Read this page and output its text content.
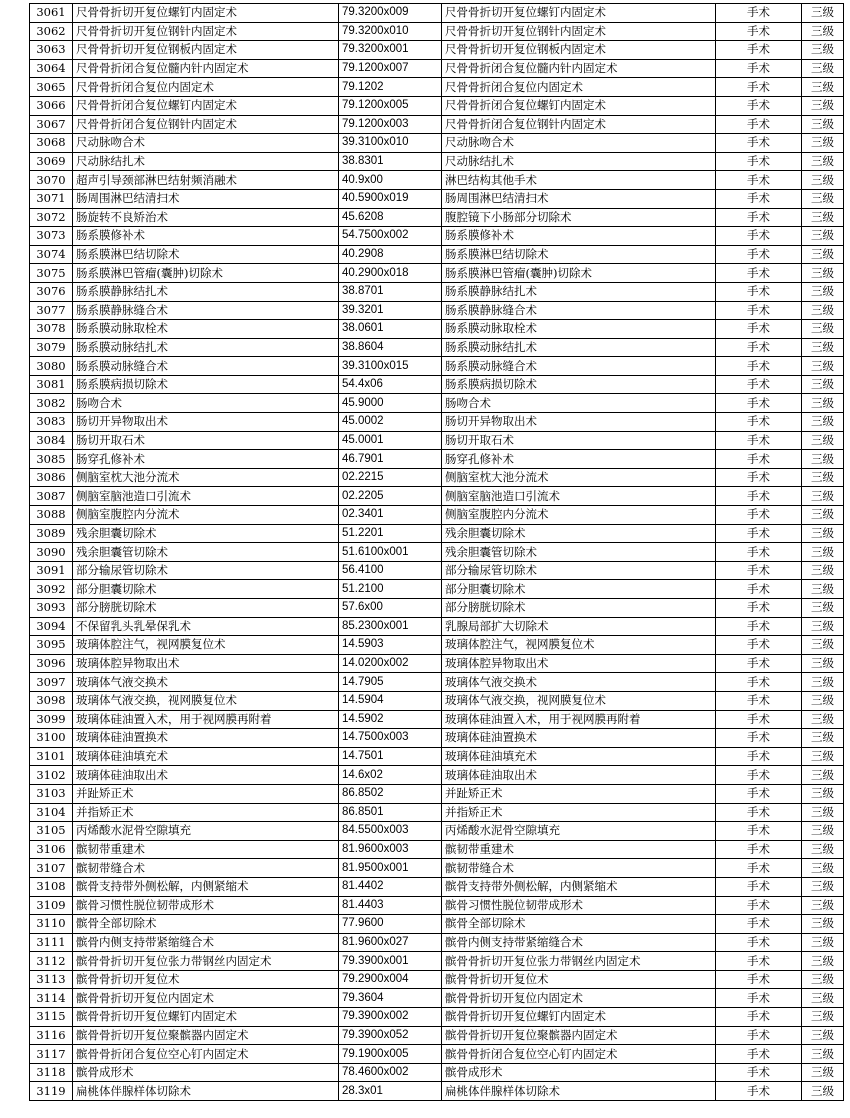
3061	尺骨骨折切开复位螺钉内固定术	79.3200x009	尺骨骨折切开复位螺钉内固定术	手术	三级
3062	尺骨骨折切开复位钢针内固定术	79.3200x010	尺骨骨折切开复位钢针内固定术	手术	三级
3063	尺骨骨折切开复位钢板内固定术	79.3200x001	尺骨骨折切开复位钢板内固定术	手术	三级
3064	尺骨骨折闭合复位髓内针内固定术	79.1200x007	尺骨骨折闭合复位髓内针内固定术	手术	三级
3065	尺骨骨折闭合复位内固定术	79.1202	尺骨骨折闭合复位内固定术	手术	三级
3066	尺骨骨折闭合复位螺钉内固定术	79.1200x005	尺骨骨折闭合复位螺钉内固定术	手术	三级
3067	尺骨骨折闭合复位钢针内固定术	79.1200x003	尺骨骨折闭合复位钢针内固定术	手术	三级
3068	尺动脉吻合术	39.3100x010	尺动脉吻合术	手术	三级
3069	尺动脉结扎术	38.8301	尺动脉结扎术	手术	三级
3070	超声引导颈部淋巴结射频消融术	40.9x00	淋巴结构其他手术	手术	三级
3071	肠周围淋巴结清扫术	40.5900x019	肠周围淋巴结清扫术	手术	三级
3072	肠旋转不良矫治术	45.6208	腹腔镜下小肠部分切除术	手术	三级
3073	肠系膜修补术	54.7500x002	肠系膜修补术	手术	三级
3074	肠系膜淋巴结切除术	40.2908	肠系膜淋巴结切除术	手术	三级
3075	肠系膜淋巴管瘤(囊肿)切除术	40.2900x018	肠系膜淋巴管瘤(囊肿)切除术	手术	三级
3076	肠系膜静脉结扎术	38.8701	肠系膜静脉结扎术	手术	三级
3077	肠系膜静脉缝合术	39.3201	肠系膜静脉缝合术	手术	三级
3078	肠系膜动脉取栓术	38.0601	肠系膜动脉取栓术	手术	三级
3079	肠系膜动脉结扎术	38.8604	肠系膜动脉结扎术	手术	三级
3080	肠系膜动脉缝合术	39.3100x015	肠系膜动脉缝合术	手术	三级
3081	肠系膜病损切除术	54.4x06	肠系膜病损切除术	手术	三级
3082	肠吻合术	45.9000	肠吻合术	手术	三级
3083	肠切开异物取出术	45.0002	肠切开异物取出术	手术	三级
3084	肠切开取石术	45.0001	肠切开取石术	手术	三级
3085	肠穿孔修补术	46.7901	肠穿孔修补术	手术	三级
3086	侧脑室枕大池分流术	02.2215	侧脑室枕大池分流术	手术	三级
3087	侧脑室脑池造口引流术	02.2205	侧脑室脑池造口引流术	手术	三级
3088	侧脑室腹腔内分流术	02.3401	侧脑室腹腔内分流术	手术	三级
3089	残余胆囊切除术	51.2201	残余胆囊切除术	手术	三级
3090	残余胆囊管切除术	51.6100x001	残余胆囊管切除术	手术	三级
3091	部分输尿管切除术	56.4100	部分输尿管切除术	手术	三级
3092	部分胆囊切除术	51.2100	部分胆囊切除术	手术	三级
3093	部分膀胱切除术	57.6x00	部分膀胱切除术	手术	三级
3094	不保留乳头乳晕保乳术	85.2300x001	乳腺局部扩大切除术	手术	三级
3095	玻璃体腔注气，视网膜复位术	14.5903	玻璃体腔注气，视网膜复位术	手术	三级
3096	玻璃体腔异物取出术	14.0200x002	玻璃体腔异物取出术	手术	三级
3097	玻璃体气液交换术	14.7905	玻璃体气液交换术	手术	三级
3098	玻璃体气液交换，视网膜复位术	14.5904	玻璃体气液交换，视网膜复位术	手术	三级
3099	玻璃体硅油置入术，用于视网膜再附着	14.5902	玻璃体硅油置入术，用于视网膜再附着	手术	三级
3100	玻璃体硅油置换术	14.7500x003	玻璃体硅油置换术	手术	三级
3101	玻璃体硅油填充术	14.7501	玻璃体硅油填充术	手术	三级
3102	玻璃体硅油取出术	14.6x02	玻璃体硅油取出术	手术	三级
3103	并趾矫正术	86.8502	并趾矫正术	手术	三级
3104	并指矫正术	86.8501	并指矫正术	手术	三级
3105	丙烯酸水泥骨空隙填充	84.5500x003	丙烯酸水泥骨空隙填充	手术	三级
3106	髌韧带重建术	81.9600x003	髌韧带重建术	手术	三级
3107	髌韧带缝合术	81.9500x001	髌韧带缝合术	手术	三级
3108	髌骨支持带外侧松解，内侧紧缩术	81.4402	髌骨支持带外侧松解，内侧紧缩术	手术	三级
3109	髌骨习惯性脱位韧带成形术	81.4403	髌骨习惯性脱位韧带成形术	手术	三级
3110	髌骨全部切除术	77.9600	髌骨全部切除术	手术	三级
3111	髌骨内侧支持带紧缩缝合术	81.9600x027	髌骨内侧支持带紧缩缝合术	手术	三级
3112	髌骨骨折切开复位张力带钢丝内固定术	79.3900x001	髌骨骨折切开复位张力带钢丝内固定术	手术	三级
3113	髌骨骨折切开复位术	79.2900x004	髌骨骨折切开复位术	手术	三级
3114	髌骨骨折切开复位内固定术	79.3604	髌骨骨折切开复位内固定术	手术	三级
3115	髌骨骨折切开复位螺钉内固定术	79.3900x002	髌骨骨折切开复位螺钉内固定术	手术	三级
3116	髌骨骨折切开复位聚髌器内固定术	79.3900x052	髌骨骨折切开复位聚髌器内固定术	手术	三级
3117	髌骨骨折闭合复位空心钉内固定术	79.1900x005	髌骨骨折闭合复位空心钉内固定术	手术	三级
3118	髌骨成形术	78.4600x002	髌骨成形术	手术	三级
3119	扁桃体伴腺样体切除术	28.3x01	扁桃体伴腺样体切除术	手术	三级
